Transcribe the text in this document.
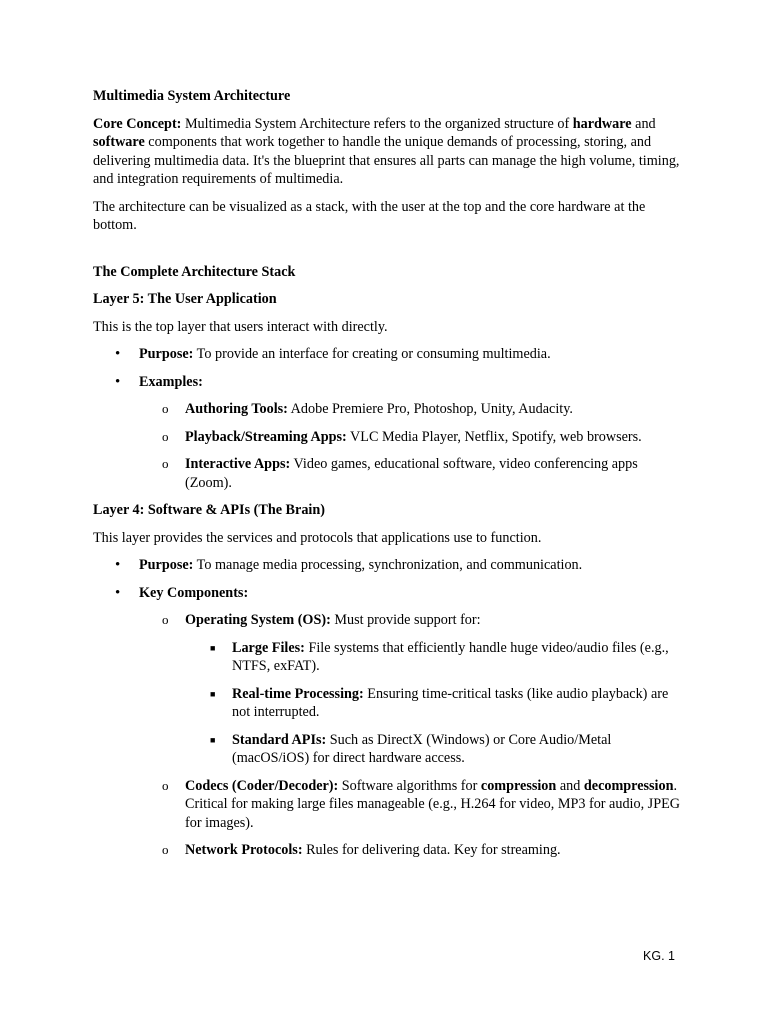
Multimedia System Architecture

Core Concept: Multimedia System Architecture refers to the organized structure of hardware and software components that work together to handle the unique demands of processing, storing, and delivering multimedia data. It's the blueprint that ensures all parts can manage the high volume, timing, and integration requirements of multimedia.

The architecture can be visualized as a stack, with the user at the top and the core hardware at the bottom.

The Complete Architecture Stack

Layer 5: The User Application

This is the top layer that users interact with directly.

• Purpose: To provide an interface for creating or consuming multimedia.
• Examples:
o Authoring Tools: Adobe Premiere Pro, Photoshop, Unity, Audacity.
o Playback/Streaming Apps: VLC Media Player, Netflix, Spotify, web browsers.
o Interactive Apps: Video games, educational software, video conferencing apps (Zoom).

Layer 4: Software & APIs (The Brain)

This layer provides the services and protocols that applications use to function.

• Purpose: To manage media processing, synchronization, and communication.
• Key Components:
o Operating System (OS): Must provide support for:
■ Large Files: File systems that efficiently handle huge video/audio files (e.g., NTFS, exFAT).
■ Real-time Processing: Ensuring time-critical tasks (like audio playback) are not interrupted.
■ Standard APIs: Such as DirectX (Windows) or Core Audio/Metal (macOS/iOS) for direct hardware access.
o Codecs (Coder/Decoder): Software algorithms for compression and decompression. Critical for making large files manageable (e.g., H.264 for video, MP3 for audio, JPEG for images).
o Network Protocols: Rules for delivering data. Key for streaming.
KG. 1
